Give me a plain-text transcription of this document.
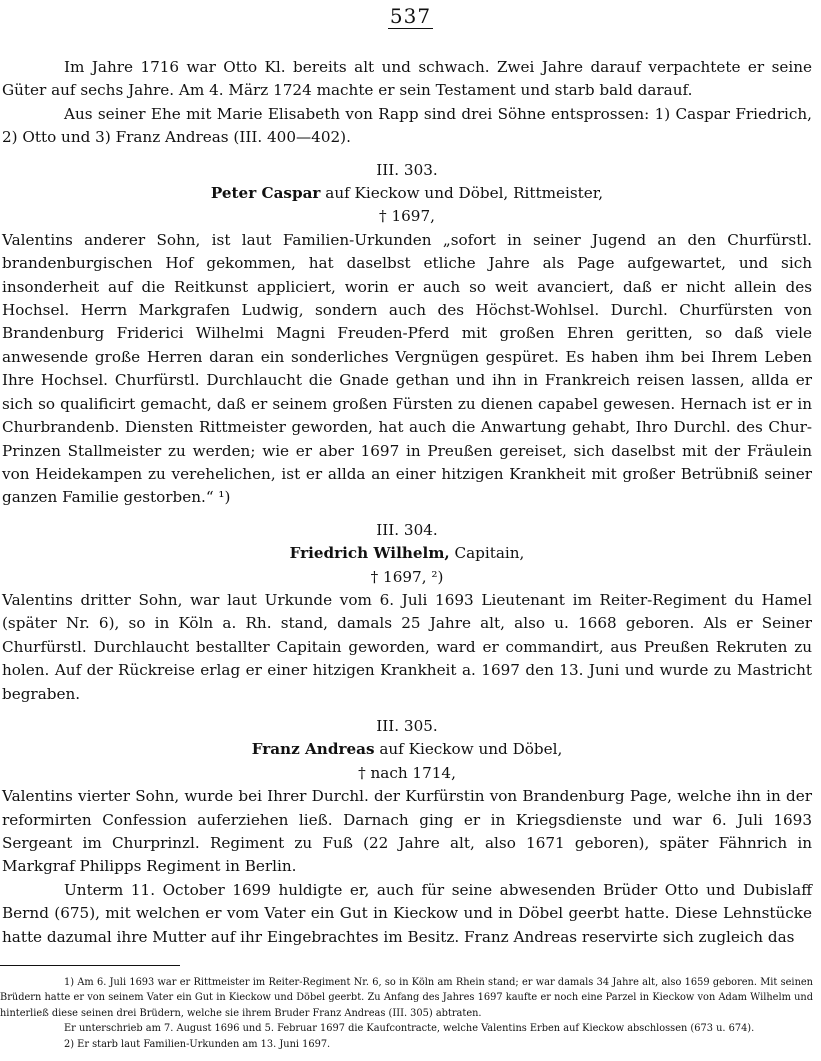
537

Im Jahre 1716 war Otto Kl. bereits alt und schwach. Zwei Jahre darauf verpachtete er seine Güter auf sechs Jahre. Am 4. März 1724 machte er sein Testament und starb bald darauf.

Aus seiner Ehe mit Marie Elisabeth von Rapp sind drei Söhne entsprossen: 1) Caspar Friedrich, 2) Otto und 3) Franz Andreas (III. 400—402).

III. 303.
Peter Caspar auf Kieckow und Döbel, Rittmeister,
† 1697,

Valentins anderer Sohn, ist laut Familien-Urkunden „sofort in seiner Jugend an den Churfürstl. brandenburgischen Hof gekommen, hat daselbst etliche Jahre als Page aufgewartet, und sich insonderheit auf die Reitkunst appliciert, worin er auch so weit avanciert, daß er nicht allein des Hochsel. Herrn Markgrafen Ludwig, sondern auch des Höchst-Wohlsel. Durchl. Churfürsten von Brandenburg Friderici Wilhelmi Magni Freuden-Pferd mit großen Ehren geritten, so daß viele anwesende große Herren daran ein sonderliches Vergnügen gespüret. Es haben ihm bei Ihrem Leben Ihre Hochsel. Churfürstl. Durchlaucht die Gnade gethan und ihn in Frankreich reisen lassen, allda er sich so qualificirt gemacht, daß er seinem großen Fürsten zu dienen capabel gewesen. Hernach ist er in Churbrandenb. Diensten Rittmeister geworden, hat auch die Anwartung gehabt, Ihro Durchl. des Chur-Prinzen Stallmeister zu werden; wie er aber 1697 in Preußen gereiset, sich daselbst mit der Fräulein von Heidekampen zu verehelichen, ist er allda an einer hitzigen Krankheit mit großer Betrübniß seiner ganzen Familie gestorben.“ ¹)

III. 304.
Friedrich Wilhelm, Capitain,
† 1697, ²)

Valentins dritter Sohn, war laut Urkunde vom 6. Juli 1693 Lieutenant im Reiter-Regiment du Hamel (später Nr. 6), so in Köln a. Rh. stand, damals 25 Jahre alt, also u. 1668 geboren. Als er Seiner Churfürstl. Durchlaucht bestallter Capitain geworden, ward er commandirt, aus Preußen Rekruten zu holen. Auf der Rückreise erlag er einer hitzigen Krankheit a. 1697 den 13. Juni und wurde zu Mastricht begraben.

III. 305.
Franz Andreas auf Kieckow und Döbel,
† nach 1714,

Valentins vierter Sohn, wurde bei Ihrer Durchl. der Kurfürstin von Brandenburg Page, welche ihn in der reformirten Confession auferziehen ließ. Darnach ging er in Kriegsdienste und war 6. Juli 1693 Sergeant im Churprinzl. Regiment zu Fuß (22 Jahre alt, also 1671 geboren), später Fähnrich in Markgraf Philipps Regiment in Berlin.

Unterm 11. October 1699 huldigte er, auch für seine abwesenden Brüder Otto und Dubislaff Bernd (675), mit welchen er vom Vater ein Gut in Kieckow und in Döbel geerbt hatte. Diese Lehnstücke hatte dazumal ihre Mutter auf ihr Eingebrachtes im Besitz. Franz Andreas reservirte sich zugleich das

1) Am 6. Juli 1693 war er Rittmeister im Reiter-Regiment Nr. 6, so in Köln am Rhein stand; er war damals 34 Jahre alt, also 1659 geboren. Mit seinen Brüdern hatte er von seinem Vater ein Gut in Kieckow und Döbel geerbt. Zu Anfang des Jahres 1697 kaufte er noch eine Parzel in Kieckow von Adam Wilhelm und hinterließ diese seinen drei Brüdern, welche sie ihrem Bruder Franz Andreas (III. 305) abtraten.

Er unterschrieb am 7. August 1696 und 5. Februar 1697 die Kaufcontracte, welche Valentins Erben auf Kieckow abschlossen (673 u. 674).

2) Er starb laut Familien-Urkunden am 13. Juni 1697.
